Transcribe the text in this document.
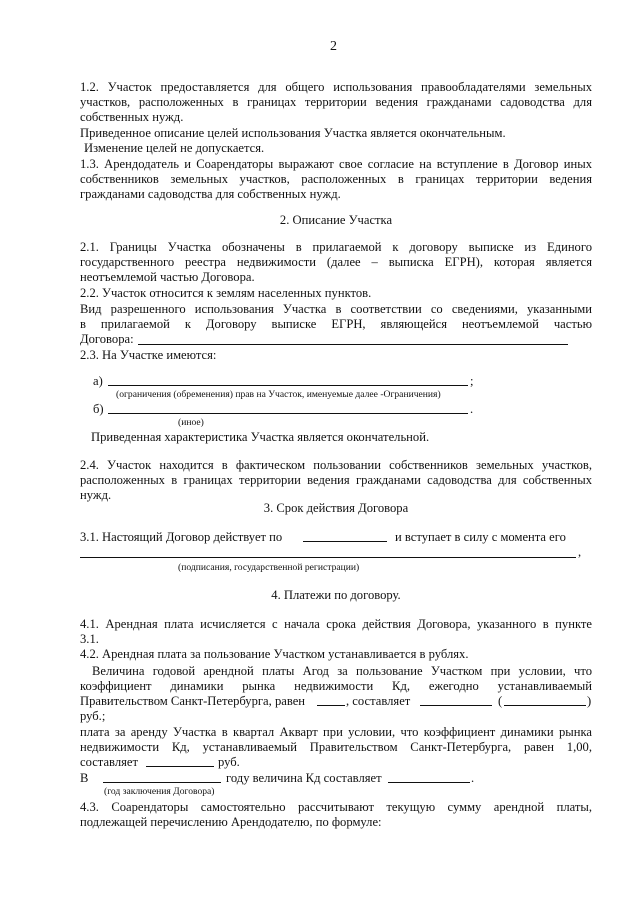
2
1.2. Участок предоставляется для общего использования правообладателями земельных
участков, расположенных в границах территории ведения гражданами садоводства для
собственных нужд.
Приведенное описание целей использования Участка является окончательным.
Изменение целей не допускается.
1.3. Арендодатель и Соарендаторы выражают свое согласие на вступление в Договор иных
собственников земельных участков, расположенных в границах территории ведения
гражданами садоводства для собственных нужд.
2. Описание Участка
2.1. Границы Участка обозначены в прилагаемой к договору выписке из Единого
государственного реестра недвижимости (далее – выписка ЕГРН), которая является
неотъемлемой частью Договора.
2.2. Участок относится к землям населенных пунктов.
Вид разрешенного использования Участка в соответствии со сведениями, указанными
в прилагаемой к Договору выписке ЕГРН, являющейся неотъемлемой частью
Договора:
2.3. На Участке имеются:
а)	;
(ограничения (обременения) прав на Участок, именуемые далее -Ограничения)
б)	.
(иное)
Приведенная характеристика Участка является окончательной.
2.4. Участок находится в фактическом пользовании собственников земельных участков,
расположенных в границах территории ведения гражданами садоводства для собственных
нужд.
3. Срок действия Договора
3.1. Настоящий Договор действует по	и вступает в силу с момента его
,
(подписания, государственной регистрации)
4. Платежи по договору.
4.1. Арендная плата исчисляется с начала срока действия Договора, указанного в пункте
3.1.
4.2. Арендная плата за пользование Участком устанавливается в рублях.
Величина годовой арендной платы Агод за пользование Участком при условии, что
коэффициент динамики рынка недвижимости Кд, ежегодно устанавливаемый
Правительством Санкт-Петербурга, равен	, составляет	(	)
руб.;
плата за аренду Участка в квартал Акварт при условии, что коэффициент динамики рынка
недвижимости Кд, устанавливаемый Правительством Санкт-Петербурга, равен 1,00,
составляет	руб.
В	году величина Кд составляет	.
(год заключения Договора)
4.3. Соарендаторы самостоятельно рассчитывают текущую сумму арендной платы,
подлежащей перечислению Арендодателю, по формуле:
